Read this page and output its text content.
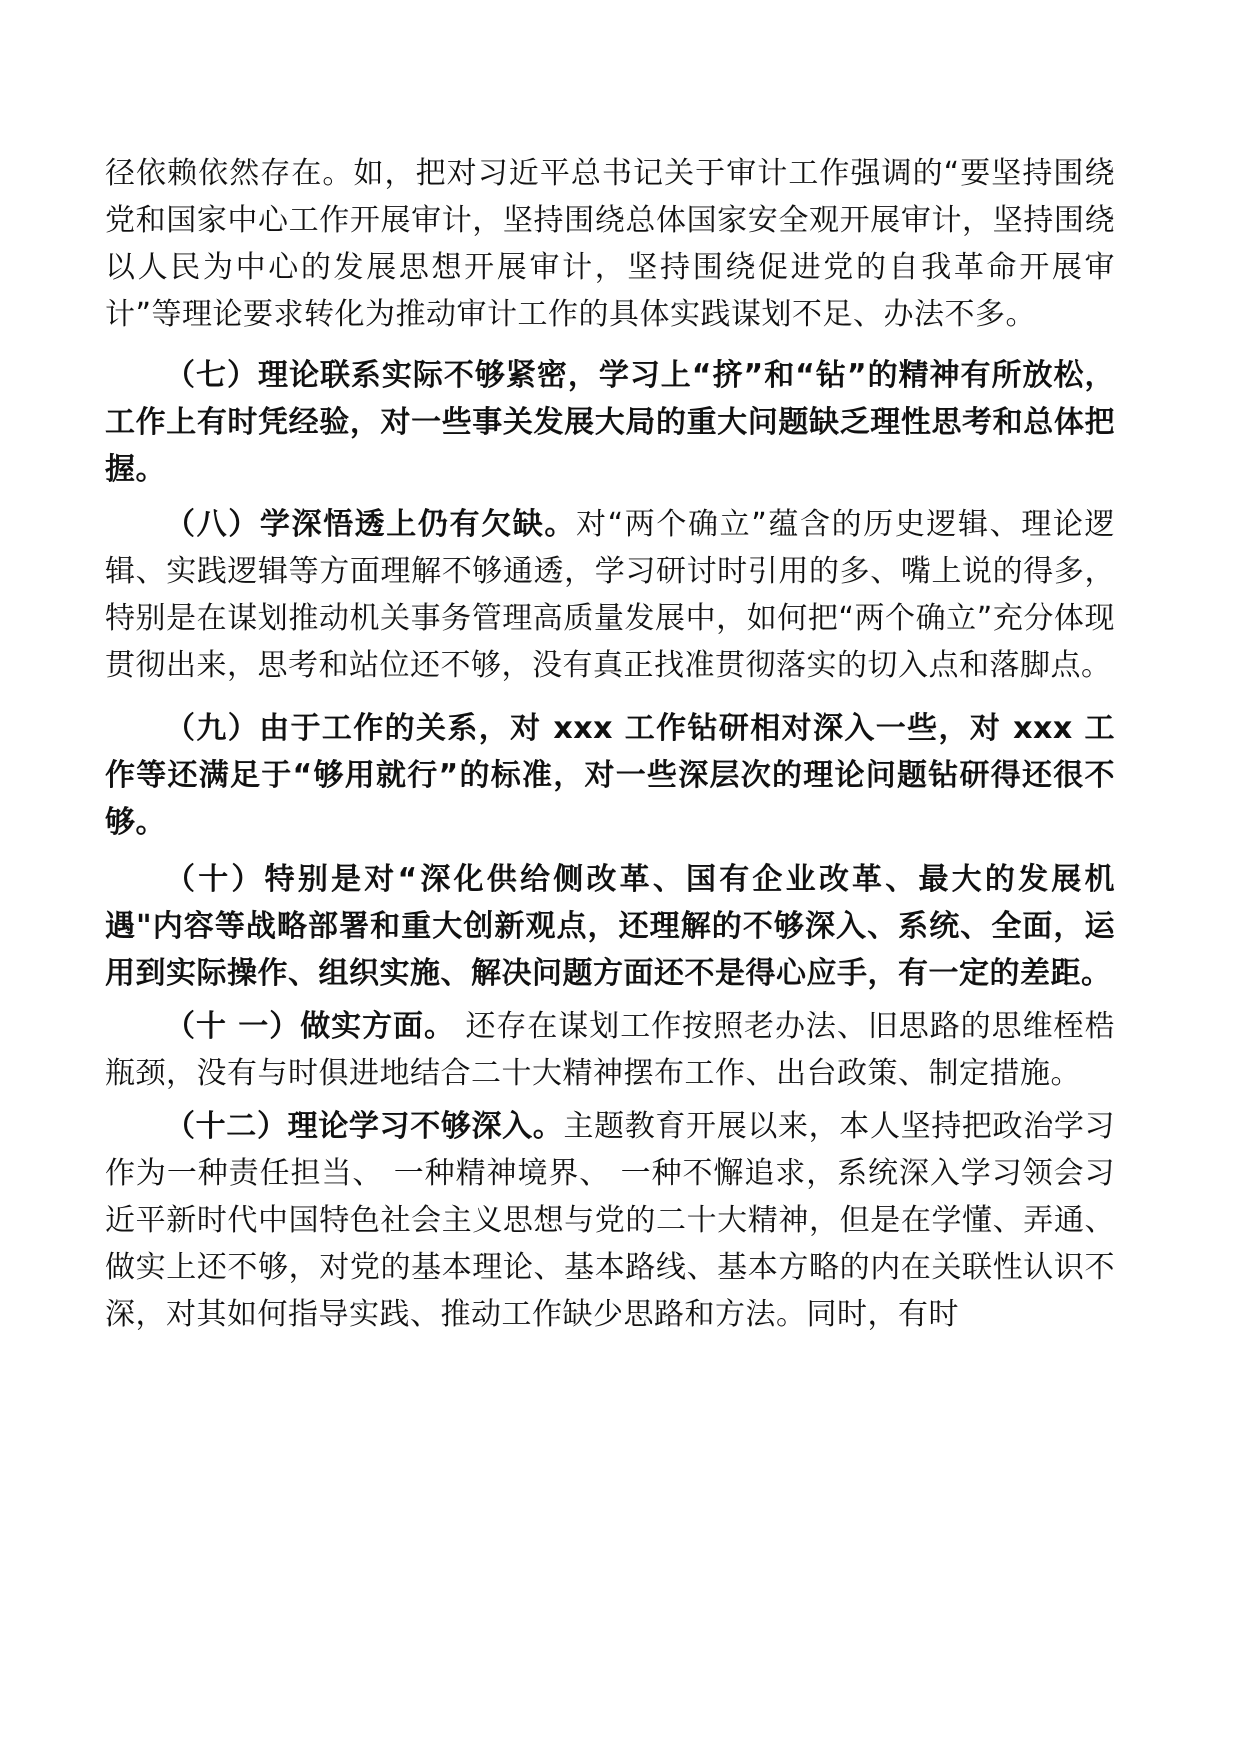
径依赖依然存在。如，把对习近平总书记关于审计工作强调的“要坚持围绕党和国家中心工作开展审计，坚持围绕总体国家安全观开展审计，坚持围绕以人民为中心的发展思想开展审计，坚持围绕促进党的自我革命开展审计”等理论要求转化为推动审计工作的具体实践谋划不足、办法不多。

（七）理论联系实际不够紧密，学习上“挤”和“钻”的精神有所放松，工作上有时凭经验，对一些事关发展大局的重大问题缺乏理性思考和总体把握。

（八）学深悟透上仍有欠缺。对“两个确立”蕴含的历史逻辑、理论逻辑、实践逻辑等方面理解不够通透，学习研讨时引用的多、嘴上说的得多，特别是在谋划推动机关事务管理高质量发展中，如何把“两个确立”充分体现贯彻出来，思考和站位还不够，没有真正找准贯彻落实的切入点和落脚点。

（九）由于工作的关系，对 xxx 工作钻研相对深入一些，对 xxx 工作等还满足于“够用就行”的标准，对一些深层次的理论问题钻研得还很不够。

（十）特别是对“深化供给侧改革、国有企业改革、最大的发展机遇"内容等战略部署和重大创新观点，还理解的不够深入、系统、全面，运用到实际操作、组织实施、解决问题方面还不是得心应手，有一定的差距。

（十 一）做实方面。 还存在谋划工作按照老办法、旧思路的思维桎梏瓶颈，没有与时俱进地结合二十大精神摆布工作、出台政策、制定措施。

（十二）理论学习不够深入。主题教育开展以来，本人坚持把政治学习作为一种责任担当、 一种精神境界、 一种不懈追求，系统深入学习领会习近平新时代中国特色社会主义思想与党的二十大精神，但是在学懂、弄通、做实上还不够，对党的基本理论、基本路线、基本方略的内在关联性认识不深，对其如何指导实践、推动工作缺少思路和方法。同时，有时
